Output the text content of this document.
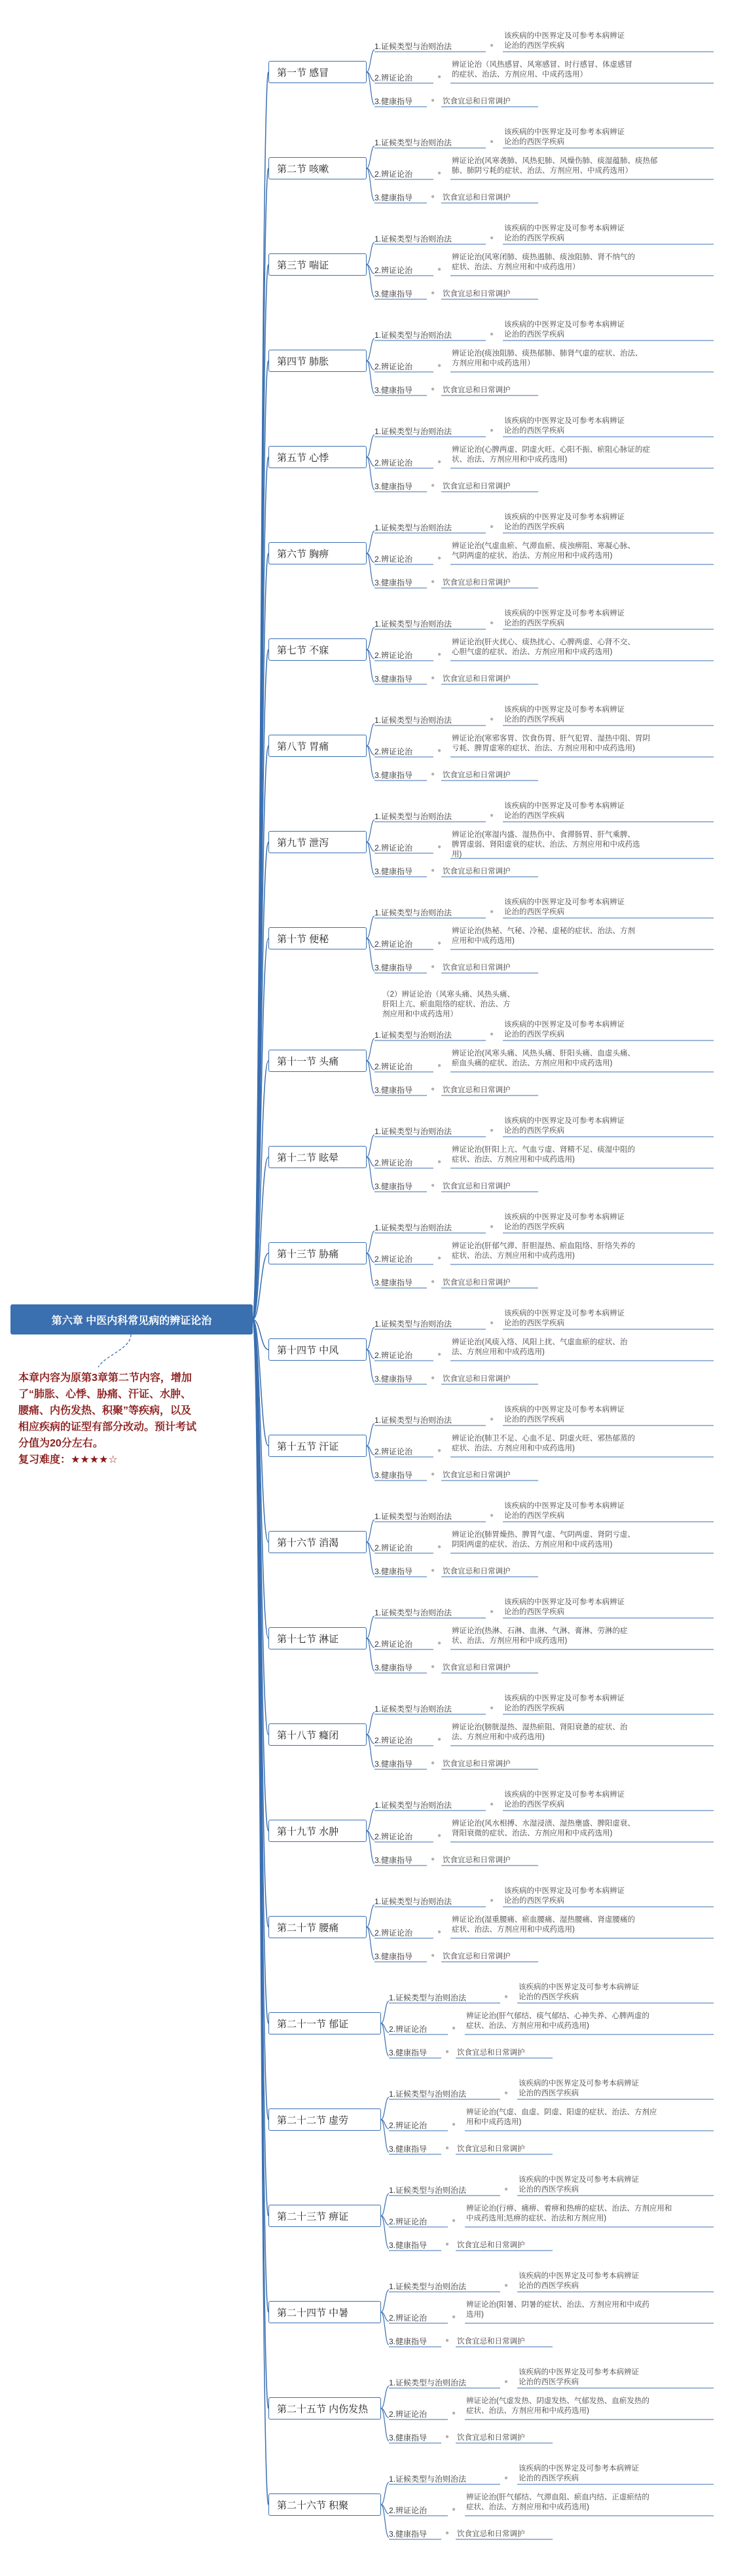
第六章 中医内科常见病的辨证论治
本章内容为原第3章第二节内容，增加
了“肺胀、心悸、胁痛、汗证、水肿、
腰痛、内伤发热、积聚”等疾病，以及
相应疾病的证型有部分改动。预计考试
分值为20分左右。
复习难度：★★★★☆
第一节 感冒
1.证候类型与治则治法	●
该疾病的中医界定及可参考本病辨证
论治的西医学疾病
2.辨证论治	●
辨证论治（风热感冒、风寒感冒、时行感冒、体虚感冒
的症状、治法、方剂应用、中成药选用）
3.健康指导	● 饮食宜忌和日常调护
第二节 咳嗽
1.证候类型与治则治法	●
该疾病的中医界定及可参考本病辨证
论治的西医学疾病
2.辨证论治	●
辨证论治(风寒袭肺、风热犯肺、风燥伤肺、痰湿蕴肺、痰热郁
肺、肺阴亏耗的症状、治法、方剂应用、中成药选用）
3.健康指导	● 饮食宜忌和日常调护
第三节 喘证
1.证候类型与治则治法	●
该疾病的中医界定及可参考本病辨证
论治的西医学疾病
2.辨证论治	●
辨证论治(风寒闭肺、痰热遏肺、痰浊阻肺、肾不纳气的
症状、治法、方剂应用和中成药选用）
3.健康指导	● 饮食宜忌和日常调护
第四节 肺胀
1.证候类型与治则治法	●
该疾病的中医界定及可参考本病辨证
论治的西医学疾病
2.辨证论治	●
辨证论治(痰浊阻肺、痰热郁肺、肺肾气虚的症状、治法、
方剂应用和中成药选用）
3.健康指导	● 饮食宜忌和日常调护
第五节 心悸
1.证候类型与治则治法	●
该疾病的中医界定及可参考本病辨证
论治的西医学疾病
2.辨证论治	●
辨证论治(心脾两虚、阴虚火旺、心阳不振、瘀阻心脉证的症
状、治法、方剂应用和中成药选用)
3.健康指导	● 饮食宜忌和日常调护
第六节 胸痹
1.证候类型与治则治法	●
该疾病的中医界定及可参考本病辨证
论治的西医学疾病
2.辨证论治	●
辨证论治(气虚血瘀、气滞血瘀、痰浊痹阻、寒凝心脉、
气阴两虚的症状、治法、方剂应用和中成药选用)
3.健康指导	● 饮食宜忌和日常调护
第七节 不寐
1.证候类型与治则治法	●
该疾病的中医界定及可参考本病辨证
论治的西医学疾病
2.辨证论治	●
辨证论治(肝火扰心、痰热扰心、心脾两虚、心肾不交、
心胆气虚的症状、治法、方剂应用和中成药选用)
3.健康指导	● 饮食宜忌和日常调护
第八节 胃痛
1.证候类型与治则治法	●
该疾病的中医界定及可参考本病辨证
论治的西医学疾病
2.辨证论治	●
辨证论治(寒邪客胃、饮食伤胃、肝气犯胃、湿热中阻、胃阴
亏耗、脾胃虚寒的症状、治法、方剂应用和中成药选用)
3.健康指导	● 饮食宜忌和日常调护
第九节 泄泻
1.证候类型与治则治法	●
该疾病的中医界定及可参考本病辨证
论治的西医学疾病
2.辨证论治	●
辨证论治(寒湿内盛、湿热伤中、食滞肠胃、肝气乘脾、
脾胃虚弱、肾阳虚衰的症状、治法、方剂应用和中成药选
用)
3.健康指导	● 饮食宜忌和日常调护
第十节 便秘
1.证候类型与治则治法	●
该疾病的中医界定及可参考本病辨证
论治的西医学疾病
2.辨证论治	●
辨证论治(热秘、气秘、冷秘、虚秘的症状、治法、方剂
应用和中成药选用)
3.健康指导	● 饮食宜忌和日常调护
第十一节 头痛
1.证候类型与治则治法	●
该疾病的中医界定及可参考本病辨证
论治的西医学疾病
2.辨证论治	●
辨证论治(风寒头痛、风热头痛、肝阳头痛、血虚头痛、
瘀血头痛的症状、治法、方剂应用和中成药选用)
3.健康指导	● 饮食宜忌和日常调护
（2）辨证论治（风寒头痛、风热头痛、
肝阳上亢、瘀血阻络的症状、治法、方
剂应用和中成药选用）
第十二节 眩晕
1.证候类型与治则治法	●
该疾病的中医界定及可参考本病辨证
论治的西医学疾病
2.辨证论治	●
辨证论治(肝阳上亢、气血亏虚、肾精不足、痰湿中阻的
症状、治法、方剂应用和中成药选用)
3.健康指导	● 饮食宜忌和日常调护
第十三节 胁痛
1.证候类型与治则治法	●
该疾病的中医界定及可参考本病辨证
论治的西医学疾病
2.辨证论治	●
辨证论治(肝郁气滞、肝胆湿热、瘀血阻络、肝络失养的
症状、治法、方剂应用和中成药选用)
3.健康指导	● 饮食宜忌和日常调护
第十四节 中风
1.证候类型与治则治法	●
该疾病的中医界定及可参考本病辨证
论治的西医学疾病
2.辨证论治	●
辨证论治(风痰入络、风阳上扰、气虚血瘀的症状、治
法、方剂应用和中成药选用)
3.健康指导	● 饮食宜忌和日常调护
第十五节 汗证
1.证候类型与治则治法	●
该疾病的中医界定及可参考本病辨证
论治的西医学疾病
2.辨证论治	●
辨证论治(肺卫不足、心血不足、阴虚火旺、邪热郁蒸的
症状、治法、方剂应用和中成药选用)
3.健康指导	● 饮食宜忌和日常调护
第十六节 消渴
1.证候类型与治则治法	●
该疾病的中医界定及可参考本病辨证
论治的西医学疾病
2.辨证论治	●
辨证论治(肺胃燥热、脾胃气虚、气阴两虚、肾阴亏虚、
阴阳两虚的症状、治法、方剂应用和中成药选用)
3.健康指导	● 饮食宜忌和日常调护
第十七节 淋证
1.证候类型与治则治法	●
该疾病的中医界定及可参考本病辨证
论治的西医学疾病
2.辨证论治	●
辨证论治(热淋、石淋、血淋、气淋、膏淋、劳淋的症
状、治法、方剂应用和中成药选用)
3.健康指导	● 饮食宜忌和日常调护
第十八节 癃闭
1.证候类型与治则治法	●
该疾病的中医界定及可参考本病辨证
论治的西医学疾病
2.辨证论治	●
辨证论治(膀胱湿热、湿热瘀阻、肾阳衰惫的症状、治
法、方剂应用和中成药选用)
3.健康指导	● 饮食宜忌和日常调护
第十九节 水肿
1.证候类型与治则治法	●
该疾病的中医界定及可参考本病辨证
论治的西医学疾病
2.辨证论治	●
辨证论治(风水相搏、水湿浸渍、湿热壅盛、脾阳虚衰、
肾阳衰微的症状、治法、方剂应用和中成药选用)
3.健康指导	● 饮食宜忌和日常调护
第二十节 腰痛
1.证候类型与治则治法	●
该疾病的中医界定及可参考本病辨证
论治的西医学疾病
2.辨证论治	●
辨证论治(湿重腰痛、瘀血腰痛、湿热腰痛、肾虚腰痛的
症状、治法、方剂应用和中成药选用)
3.健康指导	● 饮食宜忌和日常调护
第二十一节 郁证
1.证候类型与治则治法	●
该疾病的中医界定及可参考本病辨证
论治的西医学疾病
2.辨证论治	●
辨证论治(肝气郁结、痰气郁结、心神失养、心脾两虚的
症状、治法、方剂应用和中成药选用)
3.健康指导	● 饮食宜忌和日常调护
第二十二节 虚劳
1.证候类型与治则治法	●
该疾病的中医界定及可参考本病辨证
论治的西医学疾病
2.辨证论治	●
辨证论治(气虚、血虚、阴虚、阳虚的症状、治法、方剂应
用和中成药选用)
3.健康指导	● 饮食宜忌和日常调护
第二十三节 痹证
1.证候类型与治则治法	●
该疾病的中医界定及可参考本病辨证
论治的西医学疾病
2.辨证论治	●
辨证论治(行痹、痛痹、着痹和热痹的症状、治法、方剂应用和
中成药选用;尪痹的症状、治法和方剂应用)
3.健康指导	● 饮食宜忌和日常调护
第二十四节 中暑
1.证候类型与治则治法	●
该疾病的中医界定及可参考本病辨证
论治的西医学疾病
2.辨证论治	●
辨证论治(阳暑、阴暑的症状、治法、方剂应用和中成药
选用)
3.健康指导	● 饮食宜忌和日常调护
第二十五节 内伤发热
1.证候类型与治则治法	●
该疾病的中医界定及可参考本病辨证
论治的西医学疾病
2.辨证论治	●
辨证论治(气虚发热、阴虚发热、气郁发热、血瘀发热的
症状、治法、方剂应用和中成药选用)
3.健康指导	● 饮食宜忌和日常调护
第二十六节 积聚
1.证候类型与治则治法	●
该疾病的中医界定及可参考本病辨证
论治的西医学疾病
2.辨证论治	●
辨证论治(肝气郁结、气滞血阻、瘀血内结、正虚瘀结的
症状、治法、方剂应用和中成药选用)
3.健康指导	● 饮食宜忌和日常调护
